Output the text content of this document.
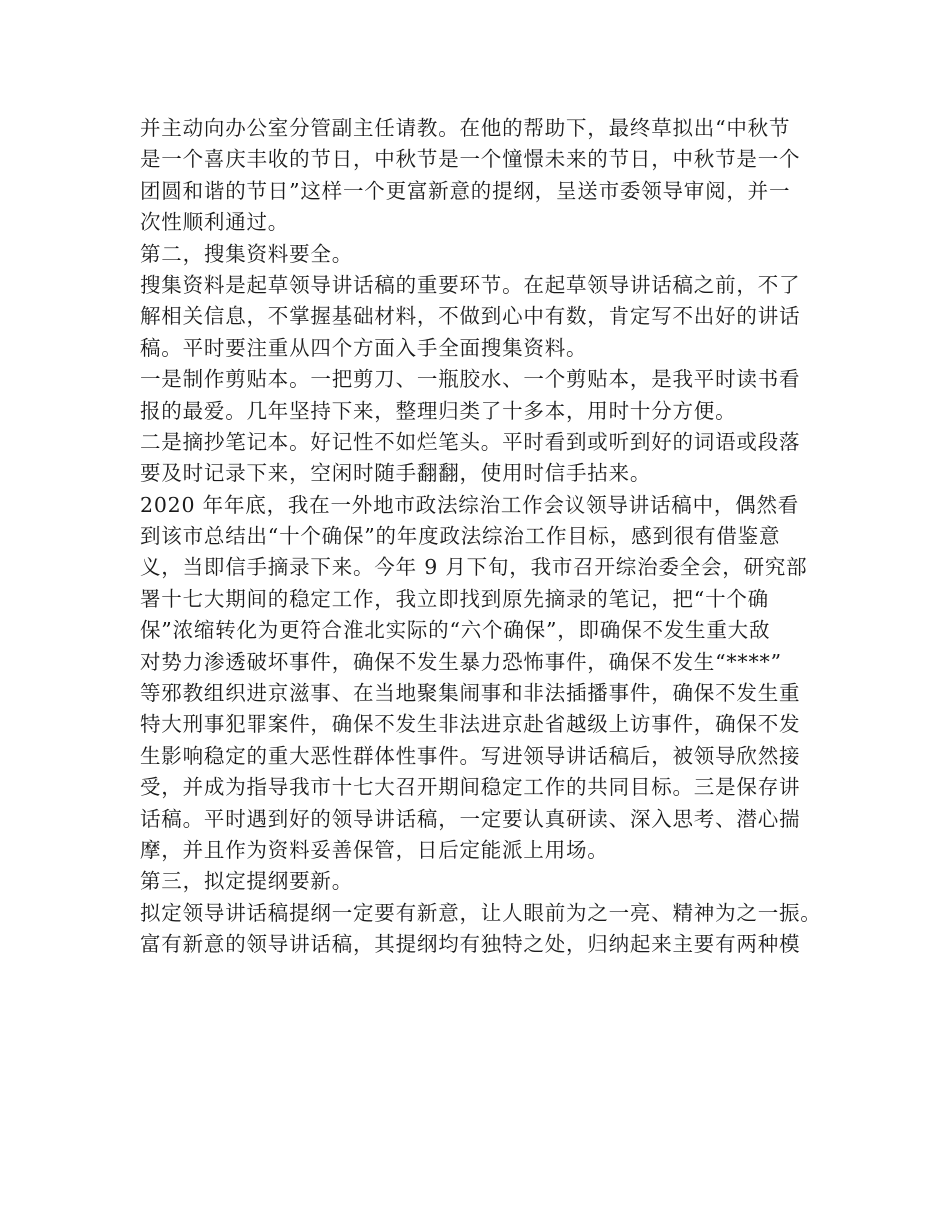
并主动向办公室分管副主任请教。在他的帮助下，最终草拟出“中秋节
是一个喜庆丰收的节日，中秋节是一个憧憬未来的节日，中秋节是一个
团圆和谐的节日”这样一个更富新意的提纲，呈送市委领导审阅，并一
次性顺利通过。
第二，搜集资料要全。
搜集资料是起草领导讲话稿的重要环节。在起草领导讲话稿之前，不了
解相关信息，不掌握基础材料，不做到心中有数，肯定写不出好的讲话
稿。平时要注重从四个方面入手全面搜集资料。
一是制作剪贴本。一把剪刀、一瓶胶水、一个剪贴本，是我平时读书看
报的最爱。几年坚持下来，整理归类了十多本，用时十分方便。
二是摘抄笔记本。好记性不如烂笔头。平时看到或听到好的词语或段落
要及时记录下来，空闲时随手翻翻，使用时信手拈来。
2020 年年底，我在一外地市政法综治工作会议领导讲话稿中，偶然看
到该市总结出“十个确保”的年度政法综治工作目标，感到很有借鉴意
义，当即信手摘录下来。今年 9 月下旬，我市召开综治委全会，研究部
署十七大期间的稳定工作，我立即找到原先摘录的笔记，把“十个确
保”浓缩转化为更符合淮北实际的“六个确保”，即确保不发生重大敌
对势力渗透破坏事件，确保不发生暴力恐怖事件，确保不发生“****”
等邪教组织进京滋事、在当地聚集闹事和非法插播事件，确保不发生重
特大刑事犯罪案件，确保不发生非法进京赴省越级上访事件，确保不发
生影响稳定的重大恶性群体性事件。写进领导讲话稿后，被领导欣然接
受，并成为指导我市十七大召开期间稳定工作的共同目标。三是保存讲
话稿。平时遇到好的领导讲话稿，一定要认真研读、深入思考、潜心揣
摩，并且作为资料妥善保管，日后定能派上用场。
第三，拟定提纲要新。
拟定领导讲话稿提纲一定要有新意，让人眼前为之一亮、精神为之一振。
富有新意的领导讲话稿，其提纲均有独特之处，归纳起来主要有两种模
